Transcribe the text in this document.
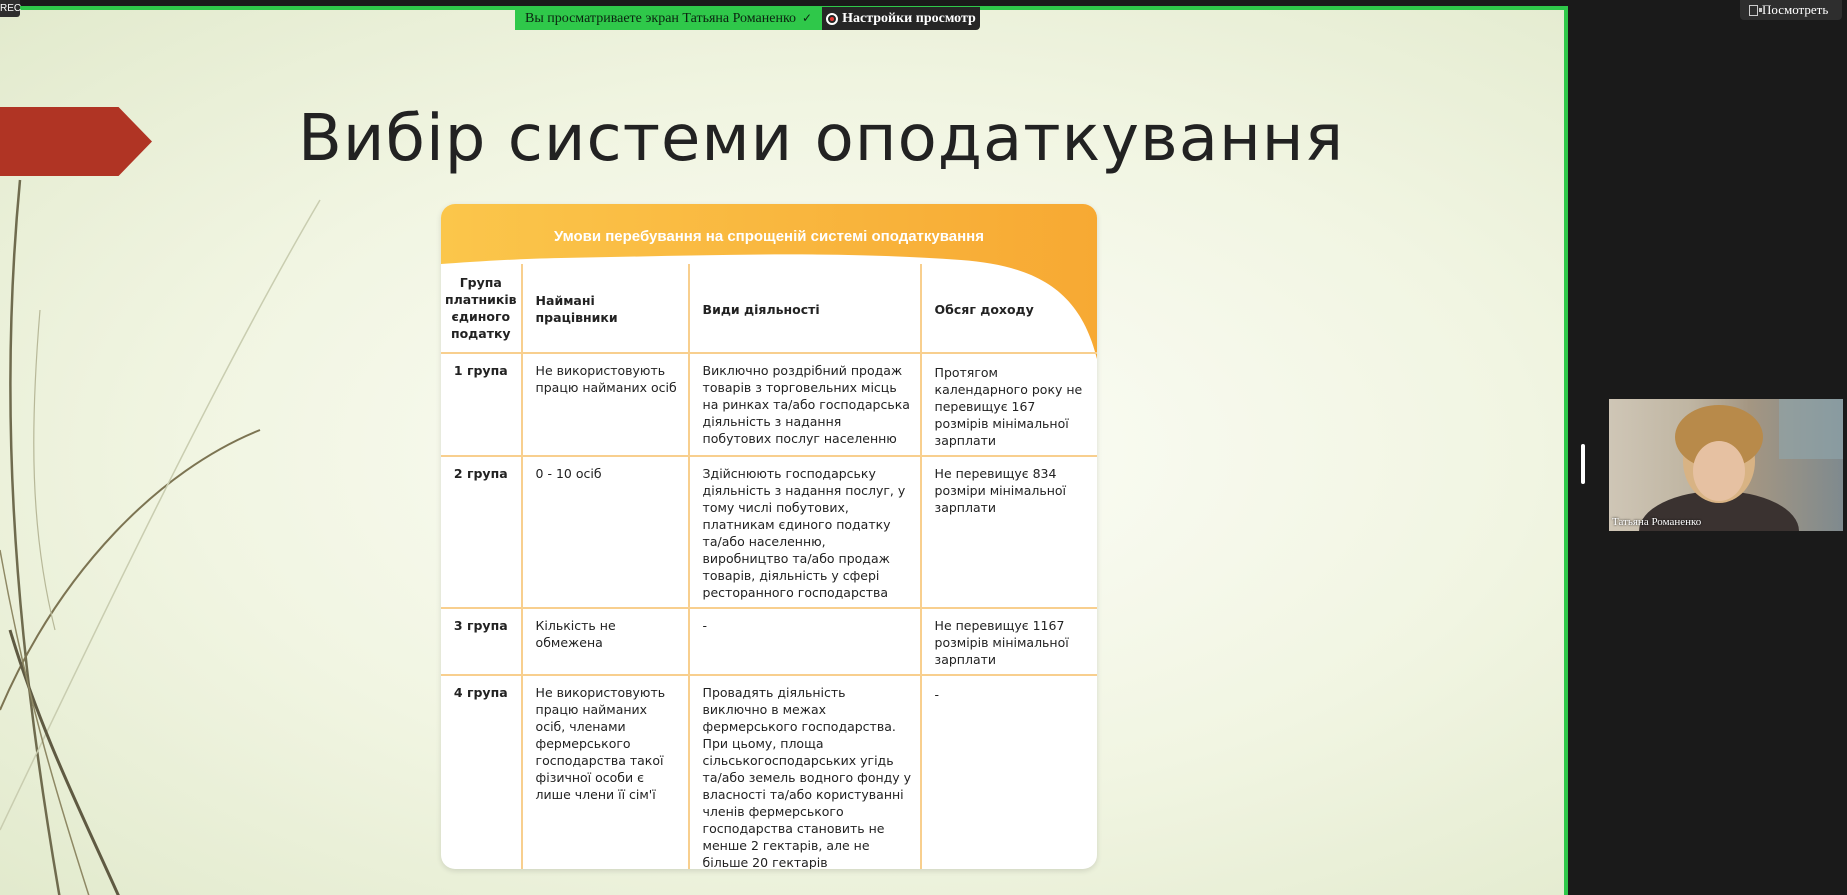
Вибір системи оподаткування
Умови перебування на спрощеній системі оподаткування
Група платників єдиного податку	Наймані працівники	Види діяльності	Обсяг доходу
1 група	Не використовують працю найманих осіб	Виключно роздрібний продаж товарів з торговельних місць на ринках та/або господарська діяльність з надання побутових послуг населенню	Протягом календарного року не перевищує 167 розмірів мінімальної зарплати
2 група	0 - 10 осіб	Здійснюють господарську діяльність з надання послуг, у тому числі побутових, платникам єдиного податку та/або населенню, виробництво та/або продаж товарів, діяльність у сфері ресторанного господарства	Не перевищує 834 розміри мінімальної зарплати
3 група	Кількість не обмежена	-	Не перевищує 1167 розмірів мінімальної зарплати
4 група	Не використовують працю найманих осіб, членами фермерського господарства такої фізичної особи є лише члени її сім'ї	Провадять діяльність виключно в межах фермерського господарства. При цьому, площа сільськогосподарських угідь та/або земель водного фонду у власності та/або користуванні членів фермерського господарства становить не менше 2 гектарів, але не більше 20 гектарів	-
Вы просматриваете экран Татьяна Романенко ✓ Настройки просмотр
REC	Посмотреть
Татьяна Романенко
